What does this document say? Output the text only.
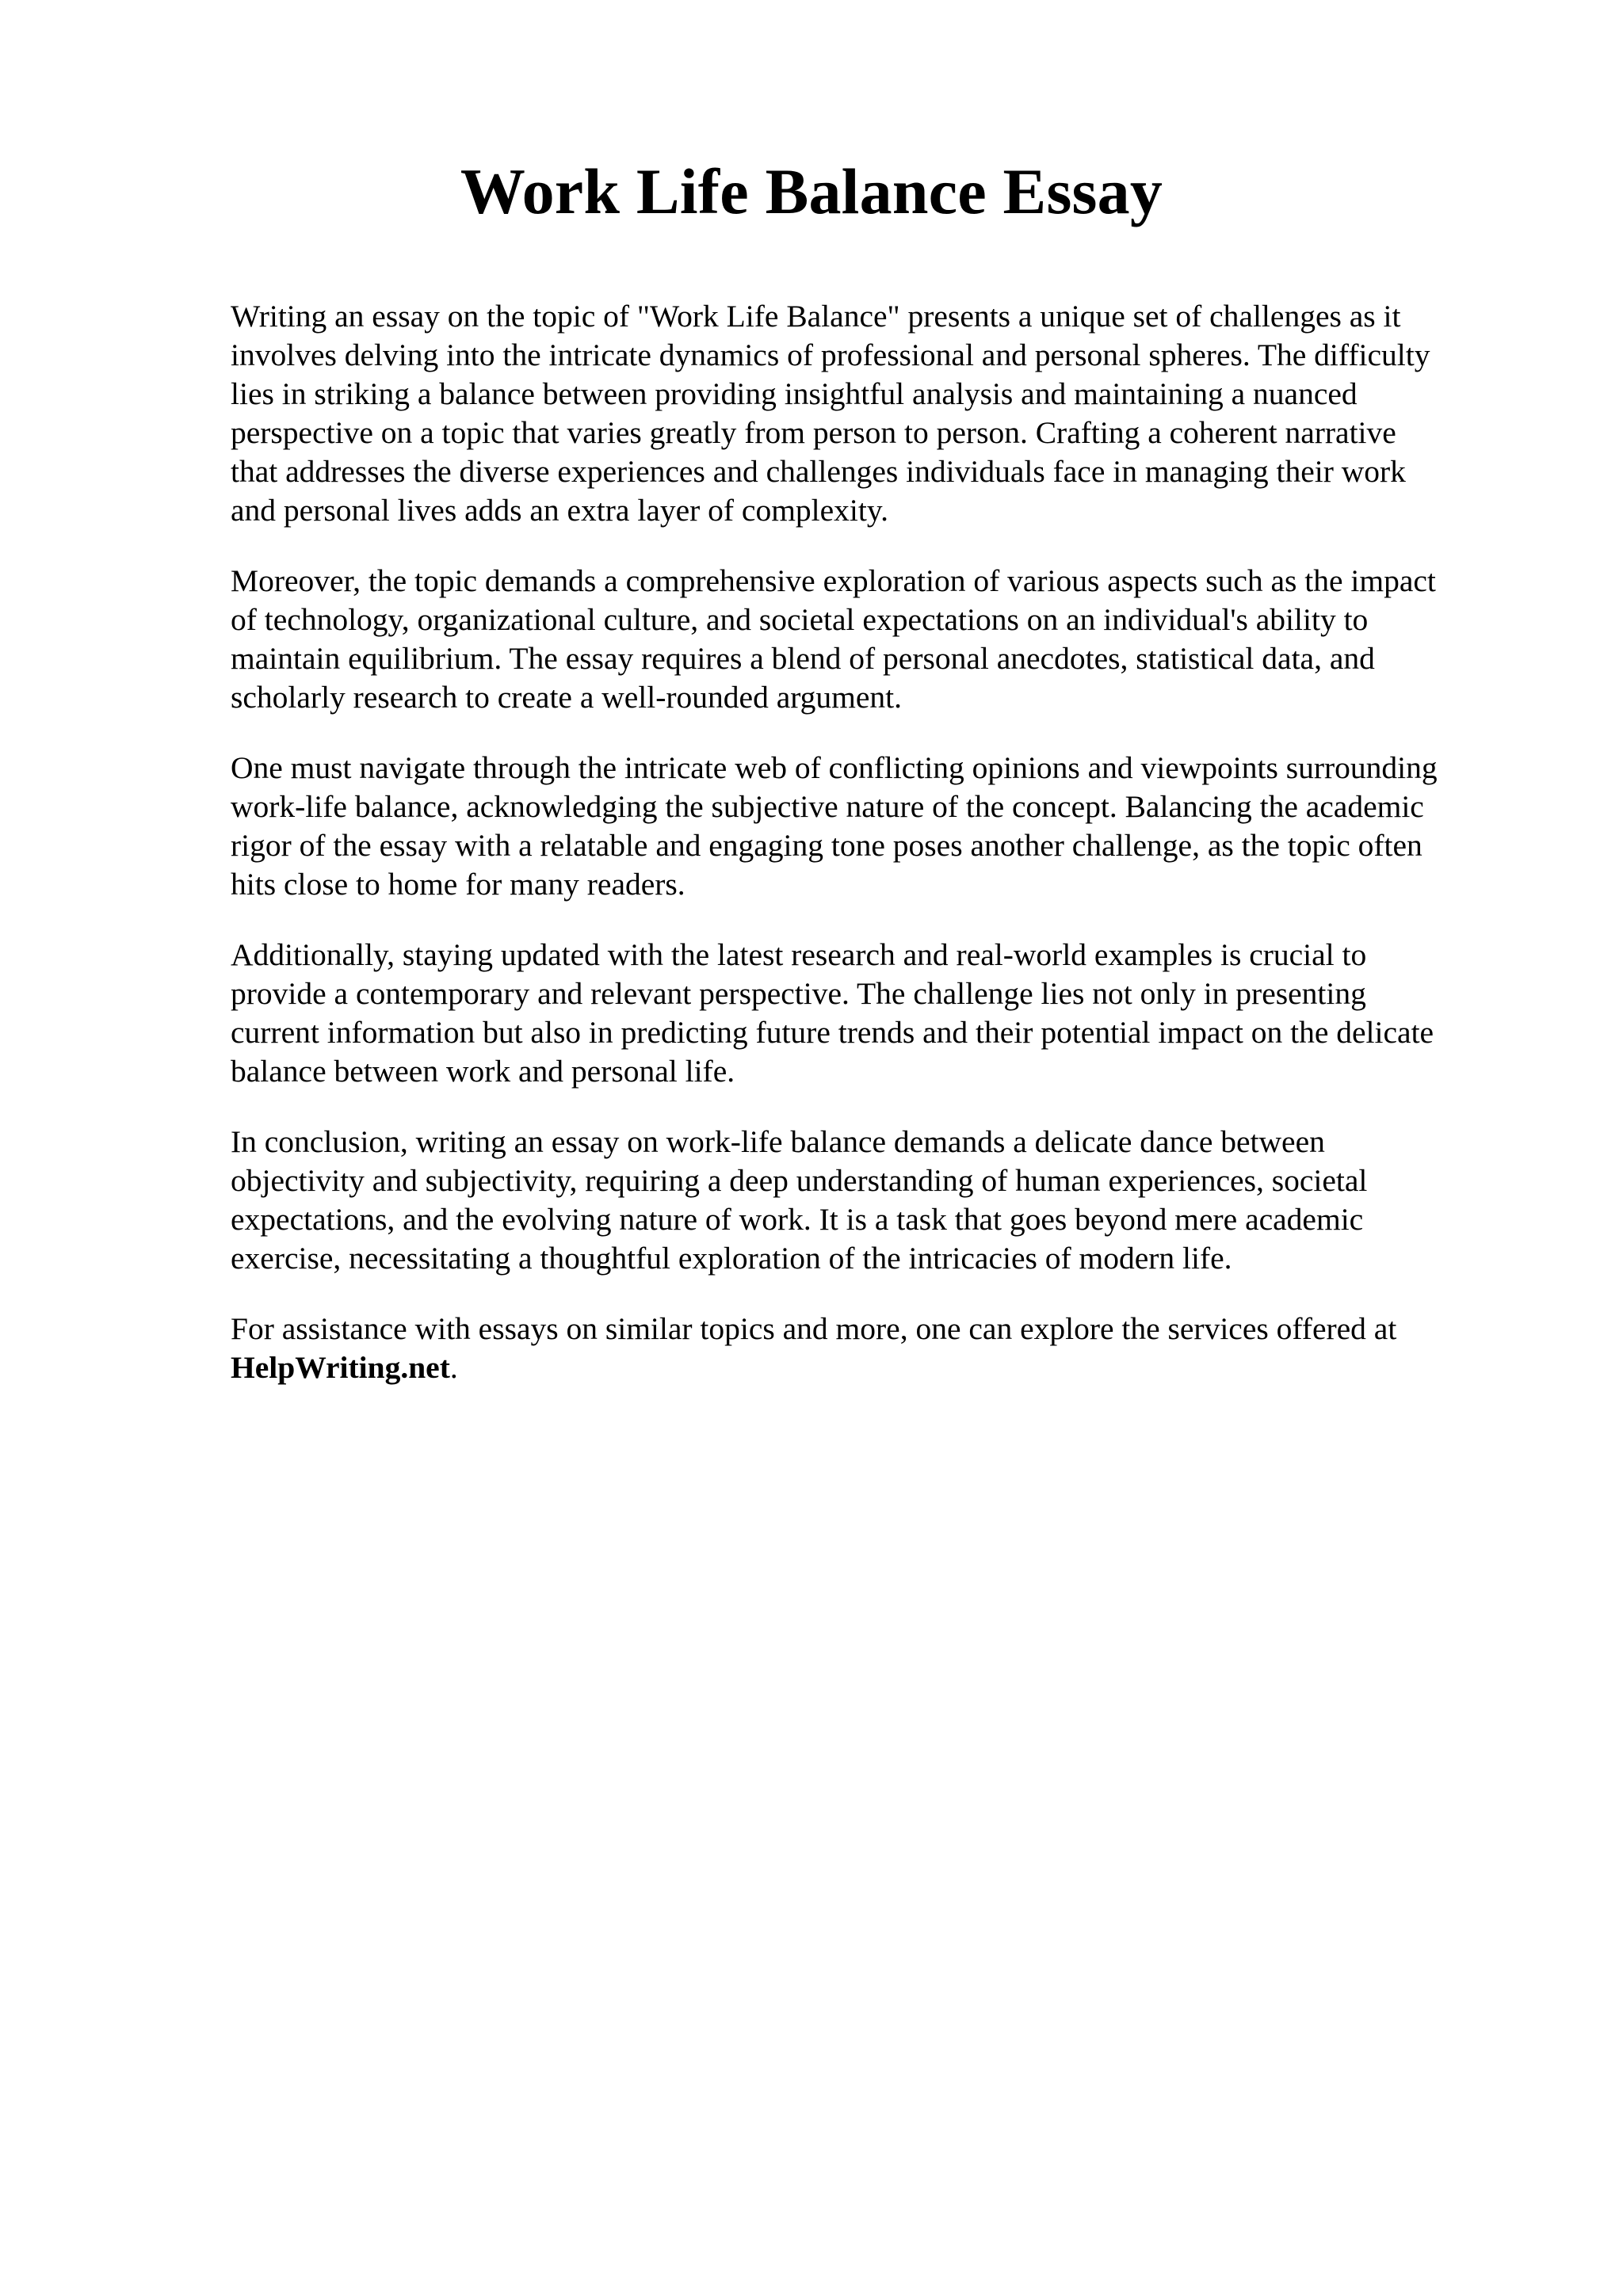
Work Life Balance Essay

Writing an essay on the topic of "Work Life Balance" presents a unique set of challenges as it
involves delving into the intricate dynamics of professional and personal spheres. The difficulty
lies in striking a balance between providing insightful analysis and maintaining a nuanced
perspective on a topic that varies greatly from person to person. Crafting a coherent narrative
that addresses the diverse experiences and challenges individuals face in managing their work
and personal lives adds an extra layer of complexity.

Moreover, the topic demands a comprehensive exploration of various aspects such as the impact
of technology, organizational culture, and societal expectations on an individual's ability to
maintain equilibrium. The essay requires a blend of personal anecdotes, statistical data, and
scholarly research to create a well-rounded argument.

One must navigate through the intricate web of conflicting opinions and viewpoints surrounding
work-life balance, acknowledging the subjective nature of the concept. Balancing the academic
rigor of the essay with a relatable and engaging tone poses another challenge, as the topic often
hits close to home for many readers.

Additionally, staying updated with the latest research and real-world examples is crucial to
provide a contemporary and relevant perspective. The challenge lies not only in presenting
current information but also in predicting future trends and their potential impact on the delicate
balance between work and personal life.

In conclusion, writing an essay on work-life balance demands a delicate dance between
objectivity and subjectivity, requiring a deep understanding of human experiences, societal
expectations, and the evolving nature of work. It is a task that goes beyond mere academic
exercise, necessitating a thoughtful exploration of the intricacies of modern life.

For assistance with essays on similar topics and more, one can explore the services offered at
HelpWriting.net.
